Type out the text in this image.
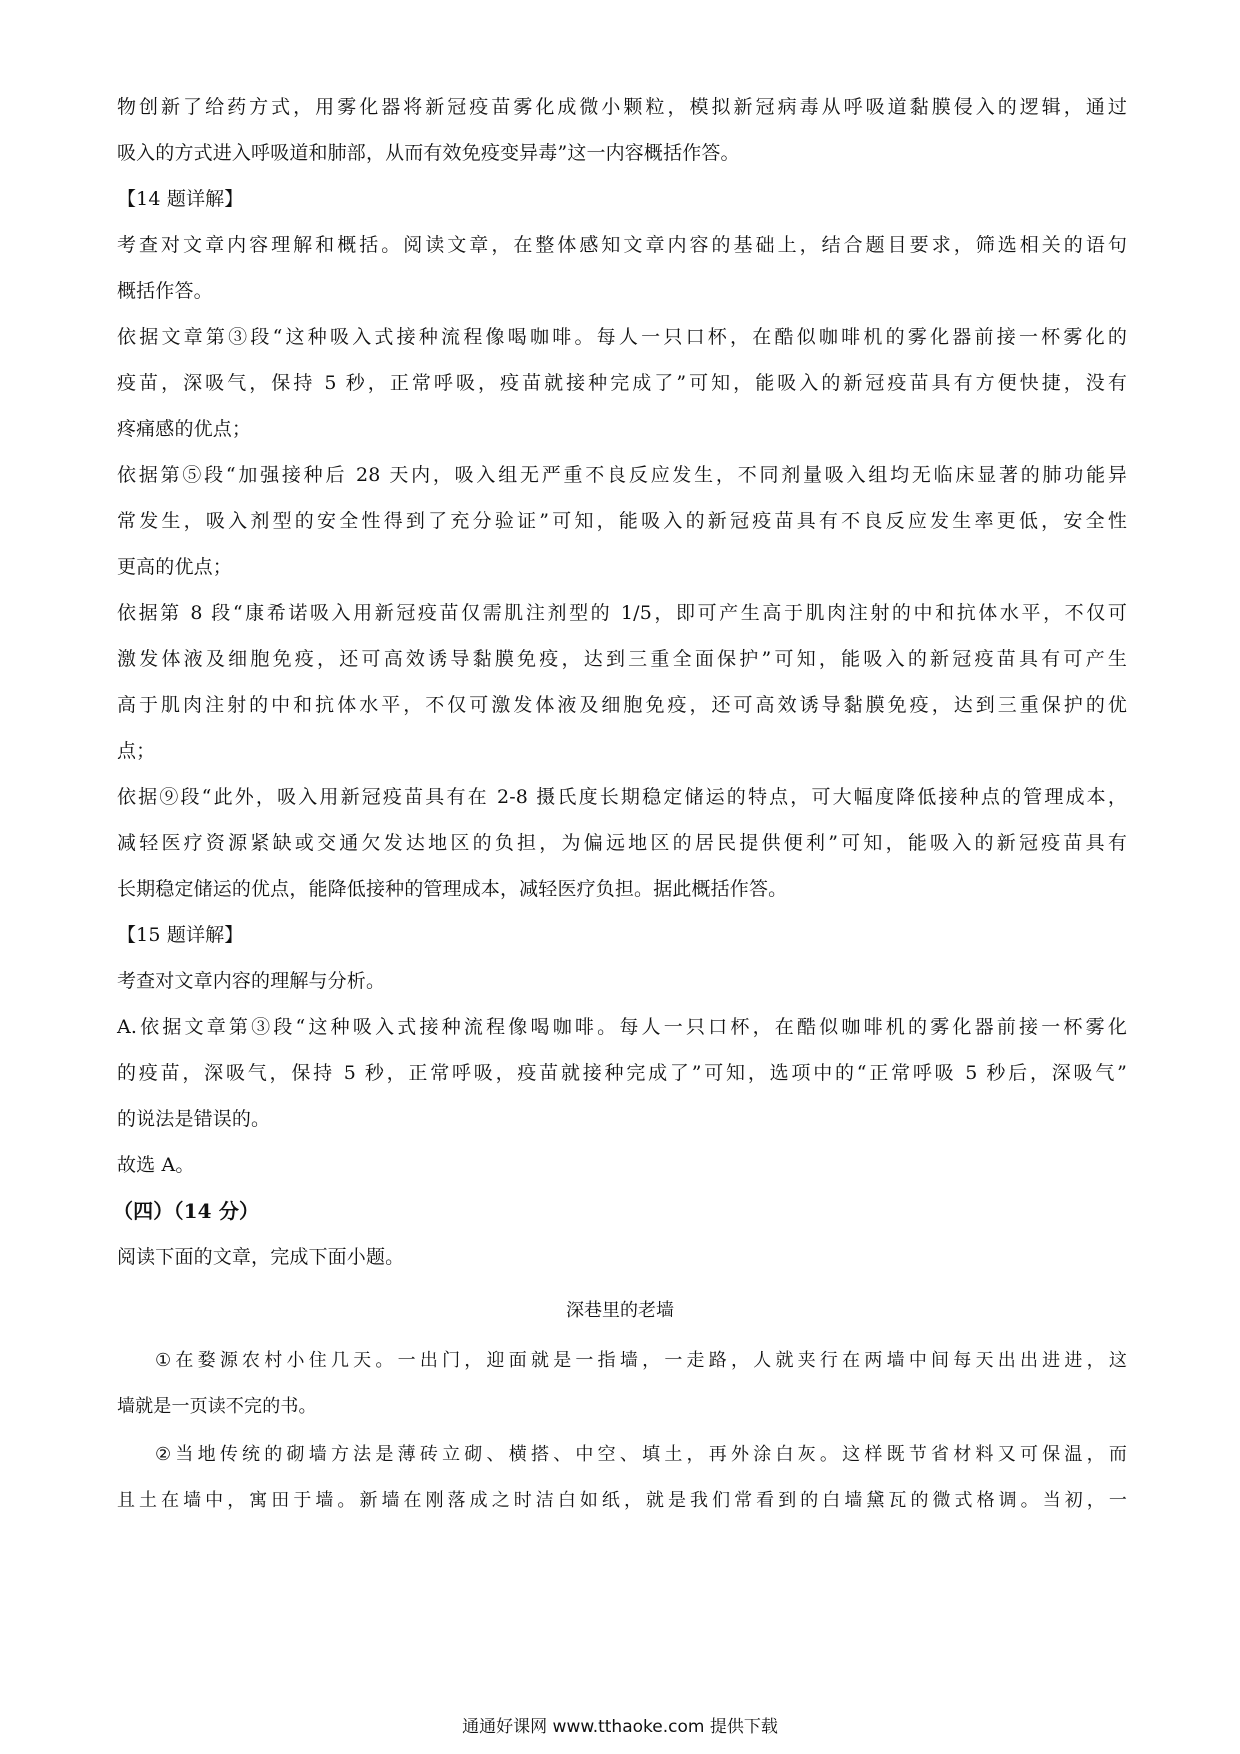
物创新了给药方式，用雾化器将新冠疫苗雾化成微小颗粒，模拟新冠病毒从呼吸道黏膜侵入的逻辑，通过

吸入的方式进入呼吸道和肺部，从而有效免疫变异毒”这一内容概括作答。

【14 题详解】

考查对文章内容理解和概括。阅读文章，在整体感知文章内容的基础上，结合题目要求，筛选相关的语句

概括作答。

依据文章第③段“这种吸入式接种流程像喝咖啡。每人一只口杯，在酷似咖啡机的雾化器前接一杯雾化的

疫苗，深吸气，保持 5 秒，正常呼吸，疫苗就接种完成了”可知，能吸入的新冠疫苗具有方便快捷，没有

疼痛感的优点；

依据第⑤段“加强接种后 28 天内，吸入组无严重不良反应发生，不同剂量吸入组均无临床显著的肺功能异

常发生，吸入剂型的安全性得到了充分验证”可知，能吸入的新冠疫苗具有不良反应发生率更低，安全性

更高的优点；

依据第 8 段“康希诺吸入用新冠疫苗仅需肌注剂型的 1/5，即可产生高于肌肉注射的中和抗体水平，不仅可

激发体液及细胞免疫，还可高效诱导黏膜免疫，达到三重全面保护”可知，能吸入的新冠疫苗具有可产生

高于肌肉注射的中和抗体水平，不仅可激发体液及细胞免疫，还可高效诱导黏膜免疫，达到三重保护的优

点；

依据⑨段“此外，吸入用新冠疫苗具有在 2-8 摄氏度长期稳定储运的特点，可大幅度降低接种点的管理成本，

减轻医疗资源紧缺或交通欠发达地区的负担，为偏远地区的居民提供便利”可知，能吸入的新冠疫苗具有

长期稳定储运的优点，能降低接种的管理成本，减轻医疗负担。据此概括作答。

【15 题详解】

考查对文章内容的理解与分析。

A.依据文章第③段“这种吸入式接种流程像喝咖啡。每人一只口杯，在酷似咖啡机的雾化器前接一杯雾化

的疫苗，深吸气，保持 5 秒，正常呼吸，疫苗就接种完成了”可知，选项中的“正常呼吸 5 秒后，深吸气”

的说法是错误的。

故选 A。

（四）（14 分）

阅读下面的文章，完成下面小题。

深巷里的老墙

①在婺源农村小住几天。一出门，迎面就是一指墙，一走路，人就夹行在两墙中间每天出出进进，这

墙就是一页读不完的书。

②当地传统的砌墙方法是薄砖立砌、横搭、中空、填土，再外涂白灰。这样既节省材料又可保温，而

且土在墙中，寓田于墙。新墙在刚落成之时洁白如纸，就是我们常看到的白墙黛瓦的微式格调。当初，一

通通好课网 www.tthaoke.com 提供下载
